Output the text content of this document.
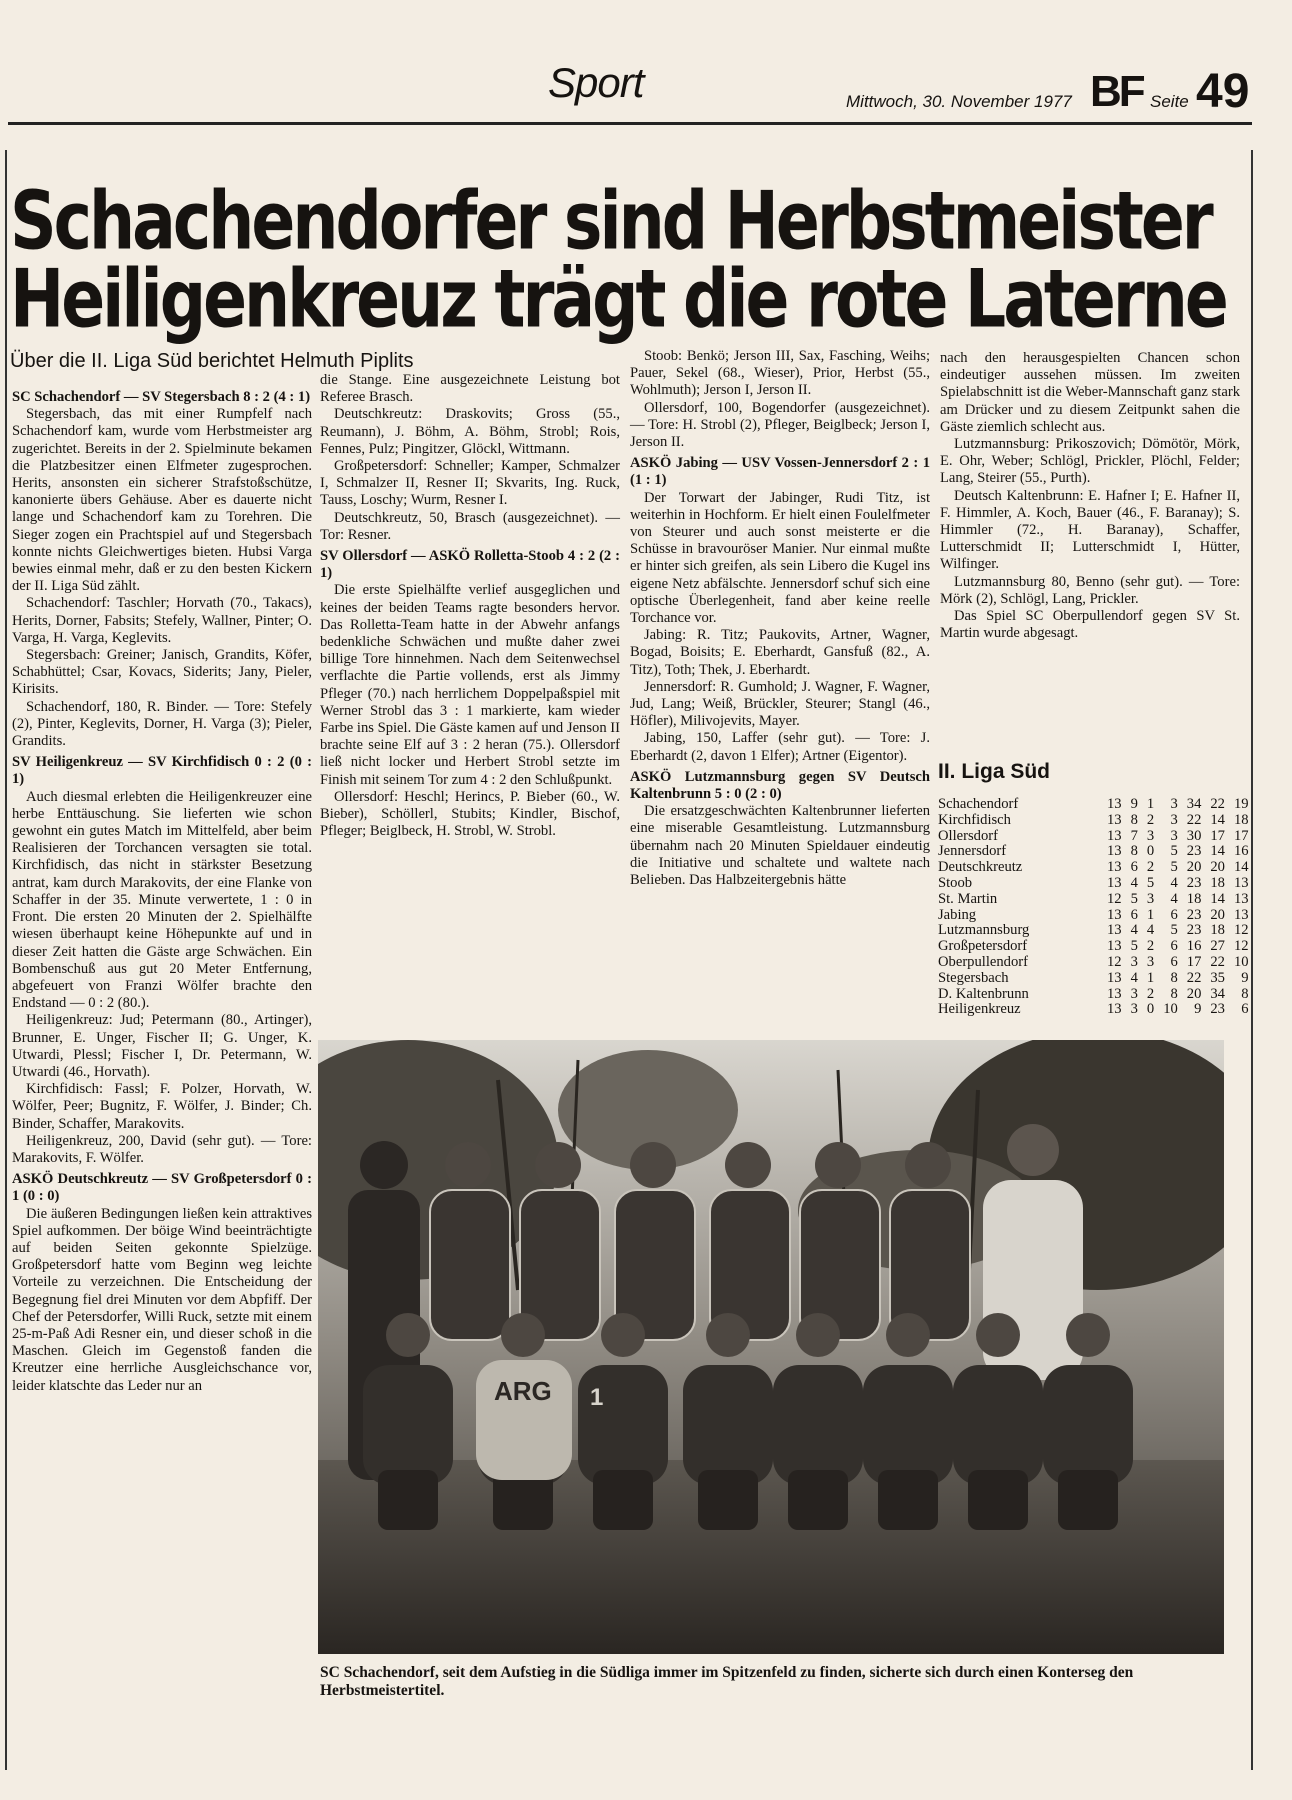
Sport	Mittwoch, 30. November 1977 BF Seite 49
Schachendorfer sind Herbstmeister
Heiligenkreuz trägt die rote Laterne
Über die II. Liga Süd berichtet Helmuth Piplits

SC Schachendorf — SV Stegersbach 8 : 2 (4 : 1)

Stegersbach, das mit einer Rumpfelf nach Schachendorf kam, wurde vom Herbstmeister arg zugerichtet. Bereits in der 2. Spielminute bekamen die Platzbesitzer einen Elfmeter zugesprochen. Herits, ansonsten ein sicherer Strafstoßschütze, kanonierte übers Gehäuse. Aber es dauerte nicht lange und Schachendorf kam zu Torehren. Die Sieger zogen ein Prachtspiel auf und Stegersbach konnte nichts Gleichwertiges bieten. Hubsi Varga bewies einmal mehr, daß er zu den besten Kickern der II. Liga Süd zählt.

Schachendorf: Taschler; Horvath (70., Takacs), Herits, Dorner, Fabsits; Stefely, Wallner, Pinter; O. Varga, H. Varga, Keglevits.

Stegersbach: Greiner; Janisch, Grandits, Köfer, Schabhüttel; Csar, Kovacs, Siderits; Jany, Pieler, Kirisits.

Schachendorf, 180, R. Binder. — Tore: Stefely (2), Pinter, Keglevits, Dorner, H. Varga (3); Pieler, Grandits.

SV Heiligenkreuz — SV Kirchfidisch 0 : 2 (0 : 1)

Auch diesmal erlebten die Heiligenkreuzer eine herbe Enttäuschung. Sie lieferten wie schon gewohnt ein gutes Match im Mittelfeld, aber beim Realisieren der Torchancen versagten sie total. Kirchfidisch, das nicht in stärkster Besetzung antrat, kam durch Marakovits, der eine Flanke von Schaffer in der 35. Minute verwertete, 1 : 0 in Front. Die ersten 20 Minuten der 2. Spielhälfte wiesen überhaupt keine Höhepunkte auf und in dieser Zeit hatten die Gäste arge Schwächen. Ein Bombenschuß aus gut 20 Meter Entfernung, abgefeuert von Franzi Wölfer brachte den Endstand — 0 : 2 (80.).

Heiligenkreuz: Jud; Petermann (80., Artinger), Brunner, E. Unger, Fischer II; G. Unger, K. Utwardi, Plessl; Fischer I, Dr. Petermann, W. Utwardi (46., Horvath).

Kirchfidisch: Fassl; F. Polzer, Horvath, W. Wölfer, Peer; Bugnitz, F. Wölfer, J. Binder; Ch. Binder, Schaffer, Marakovits.

Heiligenkreuz, 200, David (sehr gut). — Tore: Marakovits, F. Wölfer.

ASKÖ Deutschkreutz — SV Großpetersdorf 0 : 1 (0 : 0)

Die äußeren Bedingungen ließen kein attraktives Spiel aufkommen. Der böige Wind beeinträchtigte auf beiden Seiten gekonnte Spielzüge. Großpetersdorf hatte vom Beginn weg leichte Vorteile zu verzeichnen. Die Entscheidung der Begegnung fiel drei Minuten vor dem Abpfiff. Der Chef der Petersdorfer, Willi Ruck, setzte mit einem 25-m-Paß Adi Resner ein, und dieser schoß in die Maschen. Gleich im Gegenstoß fanden die Kreutzer eine herrliche Ausgleichschance vor, leider klatschte das Leder nur an

die Stange. Eine ausgezeichnete Leistung bot Referee Brasch.

Deutschkreutz: Draskovits; Gross (55., Reumann), J. Böhm, A. Böhm, Strobl; Rois, Fennes, Pulz; Pingitzer, Glöckl, Wittmann.

Großpetersdorf: Schneller; Kamper, Schmalzer I, Schmalzer II, Resner II; Skvarits, Ing. Ruck, Tauss, Loschy; Wurm, Resner I.

Deutschkreutz, 50, Brasch (ausgezeichnet). — Tor: Resner.

SV Ollersdorf — ASKÖ Rolletta-Stoob 4 : 2 (2 : 1)

Die erste Spielhälfte verlief ausgeglichen und keines der beiden Teams ragte besonders hervor. Das Rolletta-Team hatte in der Abwehr anfangs bedenkliche Schwächen und mußte daher zwei billige Tore hinnehmen. Nach dem Seitenwechsel verflachte die Partie vollends, erst als Jimmy Pfleger (70.) nach herrlichem Doppelpaßspiel mit Werner Strobl das 3 : 1 markierte, kam wieder Farbe ins Spiel. Die Gäste kamen auf und Jenson II brachte seine Elf auf 3 : 2 heran (75.). Ollersdorf ließ nicht locker und Herbert Strobl setzte im Finish mit seinem Tor zum 4 : 2 den Schlußpunkt.

Ollersdorf: Heschl; Herincs, P. Bieber (60., W. Bieber), Schöllerl, Stubits; Kindler, Bischof, Pfleger; Beiglbeck, H. Strobl, W. Strobl.

Stoob: Benkö; Jerson III, Sax, Fasching, Weihs; Pauer, Sekel (68., Wieser), Prior, Herbst (55., Wohlmuth); Jerson I, Jerson II.

Ollersdorf, 100, Bogendorfer (ausgezeichnet). — Tore: H. Strobl (2), Pfleger, Beiglbeck; Jerson I, Jerson II.

ASKÖ Jabing — USV Vossen-Jennersdorf 2 : 1 (1 : 1)

Der Torwart der Jabinger, Rudi Titz, ist weiterhin in Hochform. Er hielt einen Foulelfmeter von Steurer und auch sonst meisterte er die Schüsse in bravouröser Manier. Nur einmal mußte er hinter sich greifen, als sein Libero die Kugel ins eigene Netz abfälschte. Jennersdorf schuf sich eine optische Überlegenheit, fand aber keine reelle Torchance vor.

Jabing: R. Titz; Paukovits, Artner, Wagner, Bogad, Boisits; E. Eberhardt, Gansfuß (82., A. Titz), Toth; Thek, J. Eberhardt.

Jennersdorf: R. Gumhold; J. Wagner, F. Wagner, Jud, Lang; Weiß, Brückler, Steurer; Stangl (46., Höfler), Milivojevits, Mayer.

Jabing, 150, Laffer (sehr gut). — Tore: J. Eberhardt (2, davon 1 Elfer); Artner (Eigentor).

ASKÖ Lutzmannsburg gegen SV Deutsch Kaltenbrunn 5 : 0 (2 : 0)

Die ersatzgeschwächten Kaltenbrunner lieferten eine miserable Gesamtleistung. Lutzmannsburg übernahm nach 20 Minuten Spieldauer eindeutig die Initiative und schaltete und waltete nach Belieben. Das Halbzeitergebnis hätte

nach den herausgespielten Chancen schon eindeutiger aussehen müssen. Im zweiten Spielabschnitt ist die Weber-Mannschaft ganz stark am Drücker und zu diesem Zeitpunkt sahen die Gäste ziemlich schlecht aus.

Lutzmannsburg: Prikoszovich; Dömötör, Mörk, E. Ohr, Weber; Schlögl, Prickler, Plöchl, Felder; Lang, Steirer (55., Purth).

Deutsch Kaltenbrunn: E. Hafner I; E. Hafner II, F. Himmler, A. Koch, Bauer (46., F. Baranay); S. Himmler (72., H. Baranay), Schaffer, Lutterschmidt II; Lutterschmidt I, Hütter, Wilfinger.

Lutzmannsburg 80, Benno (sehr gut). — Tore: Mörk (2), Schlögl, Lang, Prickler.

Das Spiel SC Oberpullendorf gegen SV St. Martin wurde abgesagt.

II. Liga Süd
Schachendorf	13	9	1	3	34	22	19
Kirchfidisch	13	8	2	3	22	14	18
Ollersdorf	13	7	3	3	30	17	17
Jennersdorf	13	8	0	5	23	14	16
Deutschkreutz	13	6	2	5	20	20	14
Stoob	13	4	5	4	23	18	13
St. Martin	12	5	3	4	18	14	13
Jabing	13	6	1	6	23	20	13
Lutzmannsburg	13	4	4	5	23	18	12
Großpetersdorf	13	5	2	6	16	27	12
Oberpullendorf	12	3	3	6	17	22	10
Stegersbach	13	4	1	8	22	35	9
D. Kaltenbrunn	13	3	2	8	20	34	8
Heiligenkreuz	13	3	0	10	9	23	6
ARG 1
SC Schachendorf, seit dem Aufstieg in die Südliga immer im Spitzenfeld zu finden, sicherte sich durch einen Konterseg den Herbstmeistertitel.
